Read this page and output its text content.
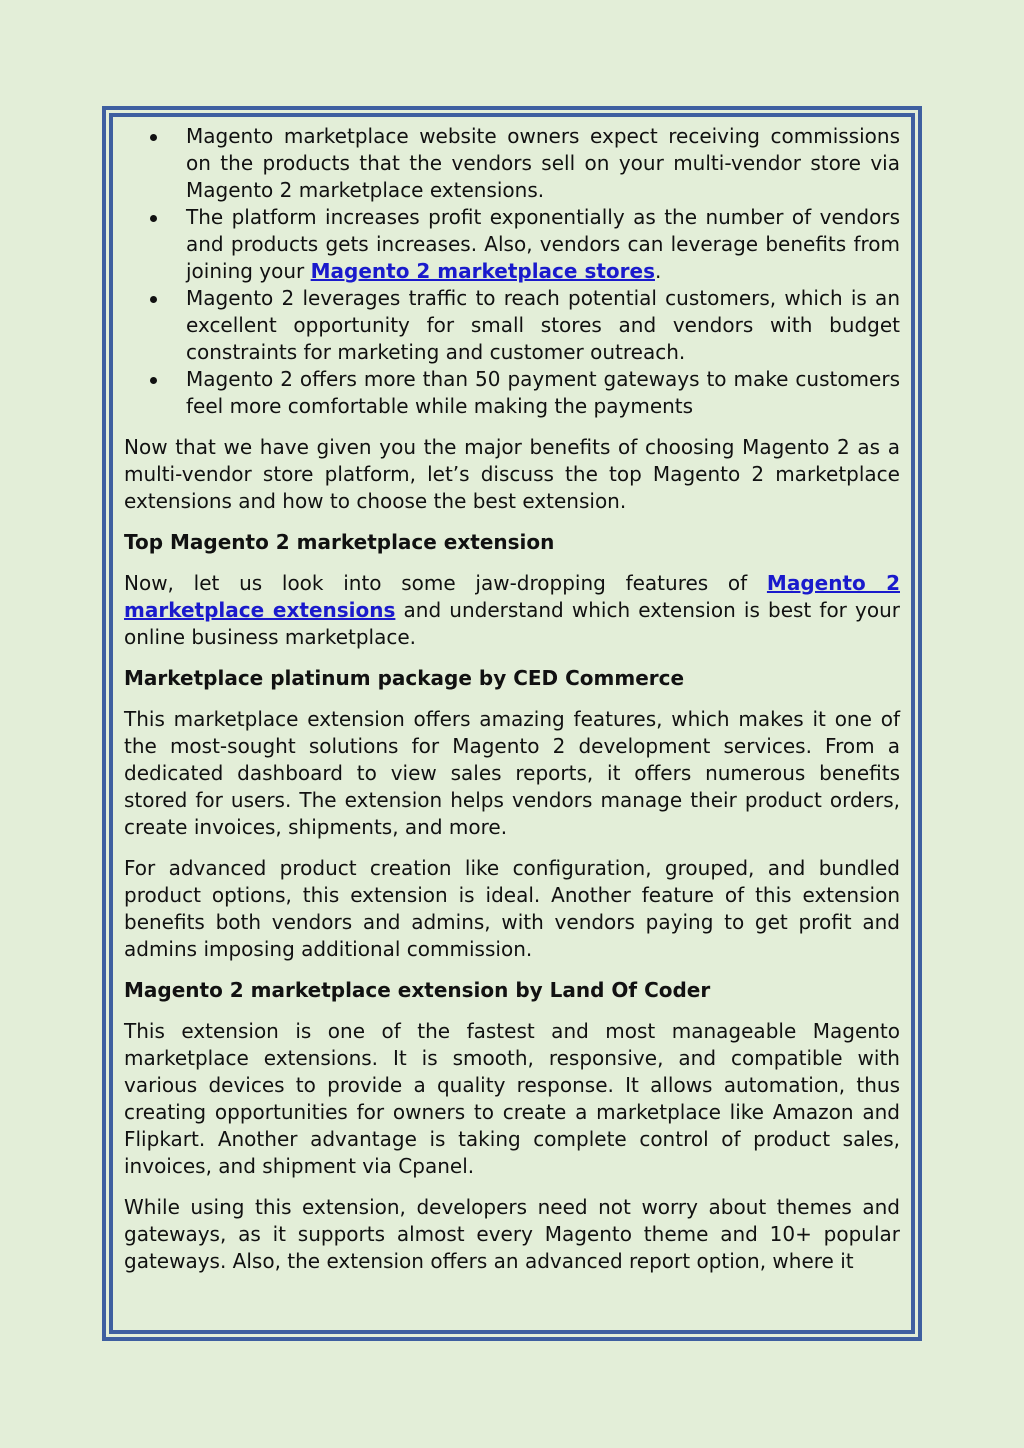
Magento marketplace website owners expect receiving commissions on the products that the vendors sell on your multi-vendor store via Magento 2 marketplace extensions.
The platform increases profit exponentially as the number of vendors and products gets increases. Also, vendors can leverage benefits from joining your Magento 2 marketplace stores.
Magento 2 leverages traffic to reach potential customers, which is an excellent opportunity for small stores and vendors with budget constraints for marketing and customer outreach.
Magento 2 offers more than 50 payment gateways to make customers feel more comfortable while making the payments

Now that we have given you the major benefits of choosing Magento 2 as a multi-vendor store platform, let’s discuss the top Magento 2 marketplace extensions and how to choose the best extension.

Top Magento 2 marketplace extension

Now, let us look into some jaw-dropping features of Magento 2 marketplace extensions and understand which extension is best for your online business marketplace.

Marketplace platinum package by CED Commerce

This marketplace extension offers amazing features, which makes it one of the most-sought solutions for Magento 2 development services. From a dedicated dashboard to view sales reports, it offers numerous benefits stored for users. The extension helps vendors manage their product orders, create invoices, shipments, and more.

For advanced product creation like configuration, grouped, and bundled product options, this extension is ideal. Another feature of this extension benefits both vendors and admins, with vendors paying to get profit and admins imposing additional commission.

Magento 2 marketplace extension by Land Of Coder

This extension is one of the fastest and most manageable Magento marketplace extensions. It is smooth, responsive, and compatible with various devices to provide a quality response. It allows automation, thus creating opportunities for owners to create a marketplace like Amazon and Flipkart. Another advantage is taking complete control of product sales, invoices, and shipment via Cpanel.

While using this extension, developers need not worry about themes and gateways, as it supports almost every Magento theme and 10+ popular gateways. Also, the extension offers an advanced report option, where it
